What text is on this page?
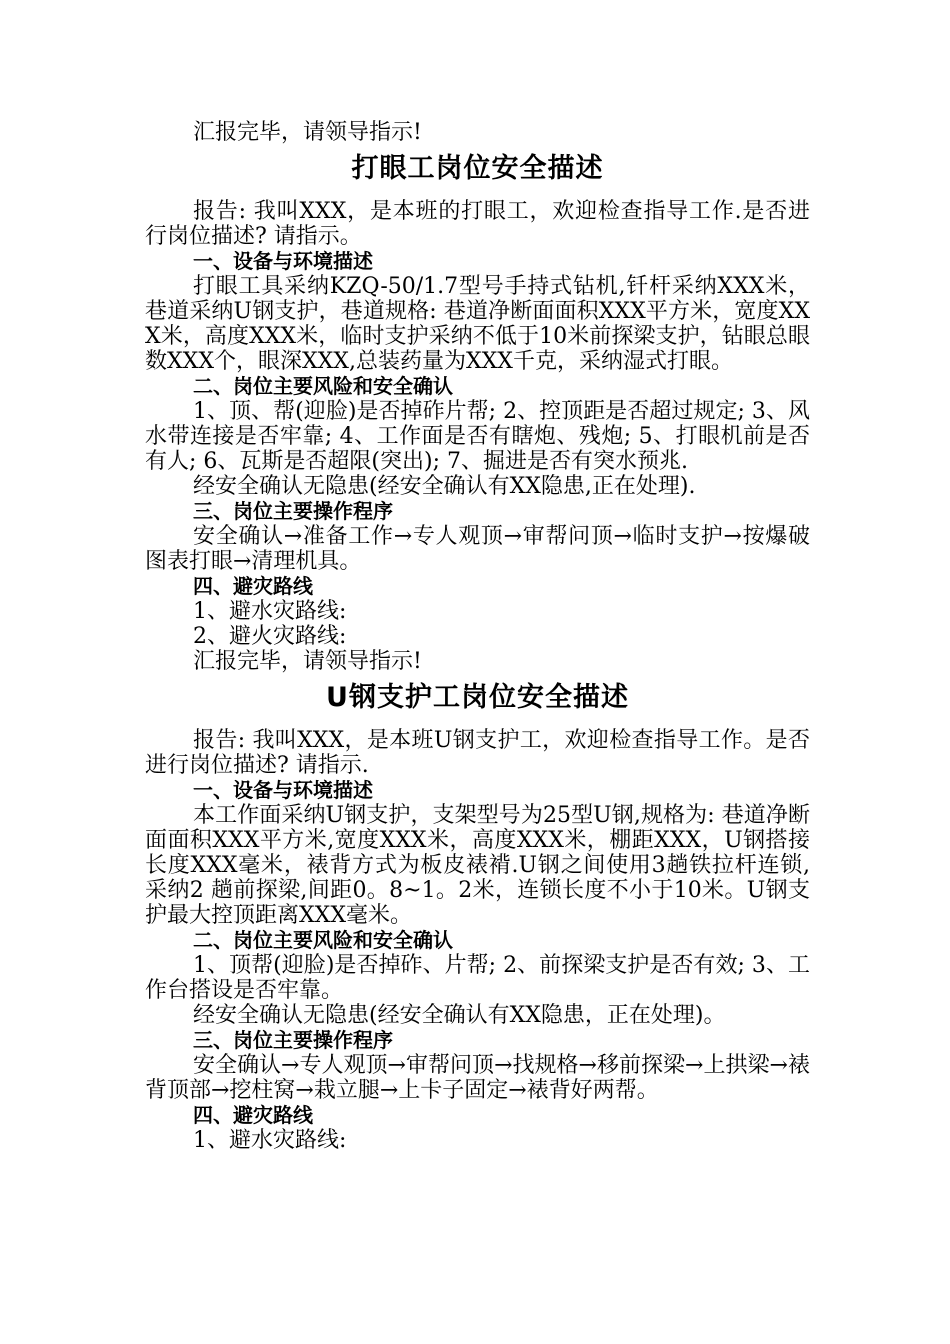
汇报完毕，请领导指示!

打眼工岗位安全描述

报告: 我叫XXX，是本班的打眼工，欢迎检查指导工作.是否进行岗位描述? 请指示。

一、设备与环境描述

打眼工具采纳KZQ-50/1.7型号手持式钻机,钎杆采纳XXX米，巷道采纳U钢支护，巷道规格: 巷道净断面面积XXX平方米，宽度XXX米，高度XXX米，临时支护采纳不低于10米前探梁支护，钻眼总眼数XXX个，眼深XXX,总装药量为XXX千克，采纳湿式打眼。

二、岗位主要风险和安全确认

1、顶、帮(迎脸)是否掉砟片帮; 2、控顶距是否超过规定; 3、风水带连接是否牢靠; 4、工作面是否有瞎炮、残炮; 5、打眼机前是否有人; 6、瓦斯是否超限(突出); 7、掘进是否有突水预兆.

经安全确认无隐患(经安全确认有XX隐患,正在处理).

三、岗位主要操作程序

安全确认→准备工作→专人观顶→审帮问顶→临时支护→按爆破图表打眼→清理机具。

四、避灾路线

1、避水灾路线:

2、避火灾路线:

汇报完毕，请领导指示!

U钢支护工岗位安全描述

报告: 我叫XXX，是本班U钢支护工，欢迎检查指导工作。是否进行岗位描述? 请指示.

一、设备与环境描述

本工作面采纳U钢支护，支架型号为25型U钢,规格为: 巷道净断面面积XXX平方米,宽度XXX米，高度XXX米，棚距XXX，U钢搭接长度XXX毫米，裱背方式为板皮裱褙.U钢之间使用3趟铁拉杆连锁,采纳2 趟前探梁,间距0。8~1。2米，连锁长度不小于10米。U钢支护最大控顶距离XXX毫米。

二、岗位主要风险和安全确认

1、顶帮(迎脸)是否掉砟、片帮; 2、前探梁支护是否有效; 3、工作台搭设是否牢靠。

经安全确认无隐患(经安全确认有XX隐患，正在处理)。

三、岗位主要操作程序

安全确认→专人观顶→审帮问顶→找规格→移前探梁→上拱梁→裱背顶部→挖柱窝→栽立腿→上卡子固定→裱背好两帮。

四、避灾路线

1、避水灾路线:
